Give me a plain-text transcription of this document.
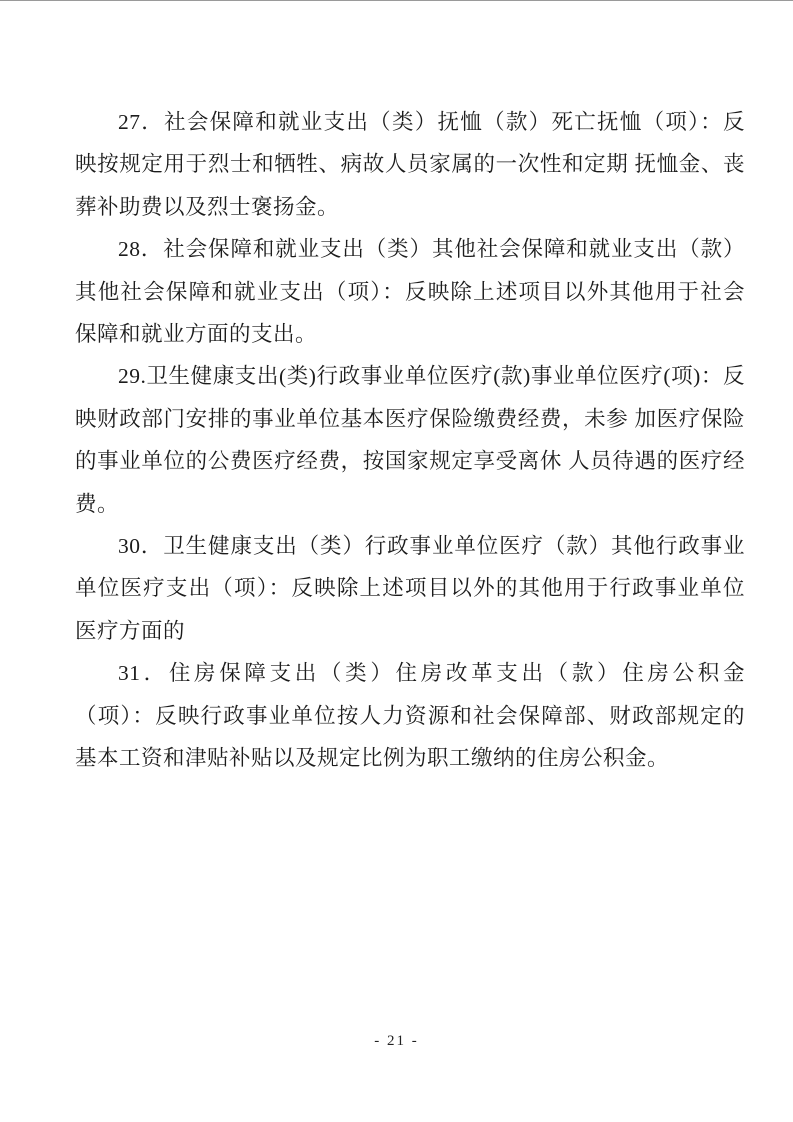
27．社会保障和就业支出（类）抚恤（款）死亡抚恤（项）：反映按规定用于烈士和牺牲、病故人员家属的一次性和定期 抚恤金、丧葬补助费以及烈士褒扬金。

28．社会保障和就业支出（类）其他社会保障和就业支出（款）其他社会保障和就业支出（项）：反映除上述项目以外其他用于社会保障和就业方面的支出。

29.卫生健康支出(类)行政事业单位医疗(款)事业单位医疗(项)：反映财政部门安排的事业单位基本医疗保险缴费经费，未参 加医疗保险的事业单位的公费医疗经费，按国家规定享受离休 人员待遇的医疗经费。

30．卫生健康支出（类）行政事业单位医疗（款）其他行政事业单位医疗支出（项）：反映除上述项目以外的其他用于行政事业单位医疗方面的

31．住房保障支出（类）住房改革支出（款）住房公积金（项）：反映行政事业单位按人力资源和社会保障部、财政部规定的 基本工资和津贴补贴以及规定比例为职工缴纳的住房公积金。

- 21 -
